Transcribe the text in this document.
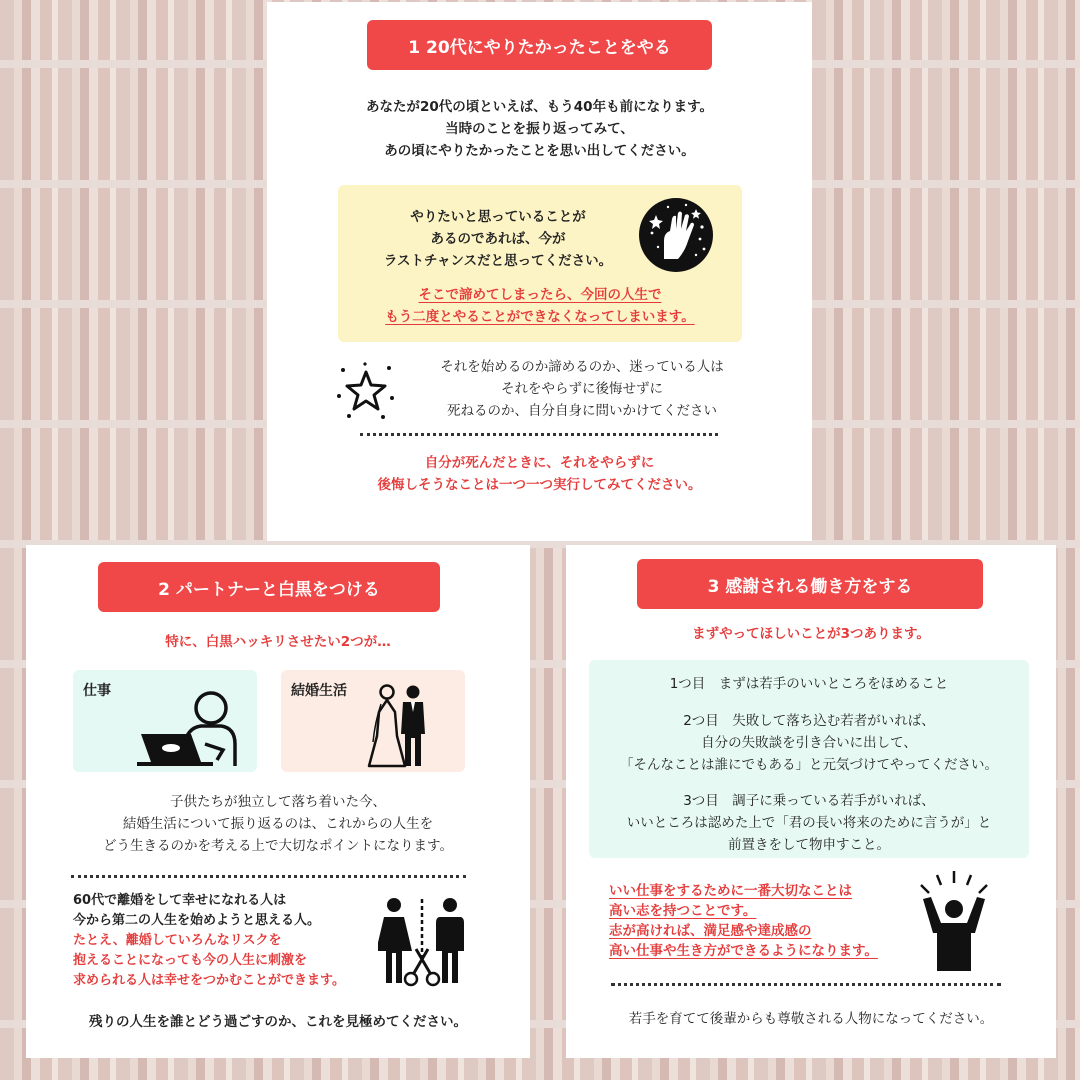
1 20代にやりたかったことをやる
あなたが20代の頃といえば、もう40年も前になります。
当時のことを振り返ってみて、
あの頃にやりたかったことを思い出してください。
やりたいと思っていることが
あるのであれば、今が
ラストチャンスだと思ってください。
そこで諦めてしまったら、今回の人生で
もう二度とやることができなくなってしまいます。
それを始めるのか諦めるのか、迷っている人は
それをやらずに後悔せずに
死ねるのか、自分自身に問いかけてください
自分が死んだときに、それをやらずに
後悔しそうなことは一つ一つ実行してみてください。
2 パートナーと白黒をつける
特に、白黒ハッキリさせたい2つが…
仕事	結婚生活
子供たちが独立して落ち着いた今、
結婚生活について振り返るのは、これからの人生を
どう生きるのかを考える上で大切なポイントになります。
60代で離婚をして幸せになれる人は
今から第二の人生を始めようと思える人。
たとえ、離婚していろんなリスクを
抱えることになっても今の人生に刺激を
求められる人は幸せをつかむことができます。
残りの人生を誰とどう過ごすのか、これを見極めてください。
3 感謝される働き方をする
まずやってほしいことが3つあります。
1つ目　まずは若手のいいところをほめること
2つ目　失敗して落ち込む若者がいれば、
自分の失敗談を引き合いに出して、
「そんなことは誰にでもある」と元気づけてやってください。
3つ目　調子に乗っている若手がいれば、
いいところは認めた上で「君の長い将来のために言うが」と
前置きをして物申すこと。
いい仕事をするために一番大切なことは
高い志を持つことです。
志が高ければ、満足感や達成感の
高い仕事や生き方ができるようになります。
若手を育てて後輩からも尊敬される人物になってください。
